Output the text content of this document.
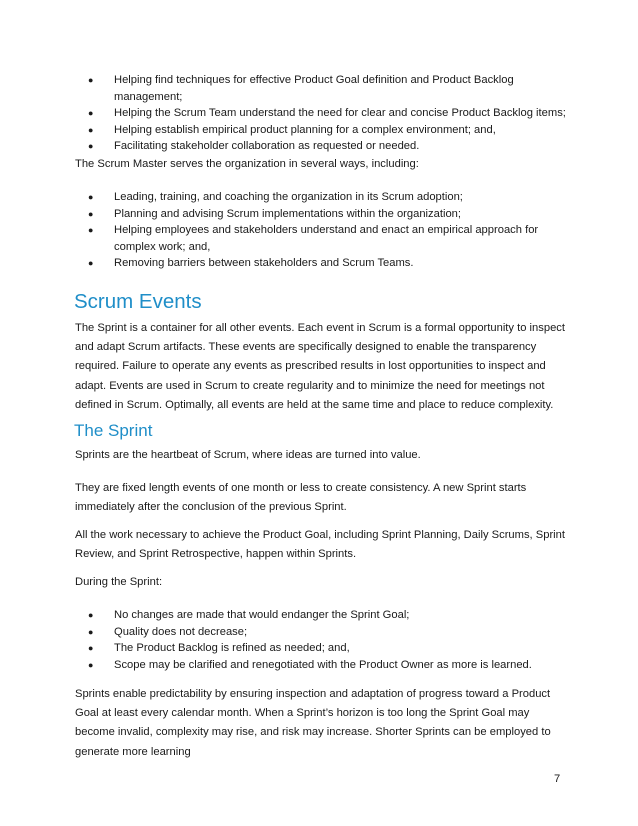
● Helping find techniques for effective Product Goal definition and Product Backlog management;
● Helping the Scrum Team understand the need for clear and concise Product Backlog items;
● Helping establish empirical product planning for a complex environment; and,
● Facilitating stakeholder collaboration as requested or needed.

The Scrum Master serves the organization in several ways, including:

● Leading, training, and coaching the organization in its Scrum adoption;
● Planning and advising Scrum implementations within the organization;
● Helping employees and stakeholders understand and enact an empirical approach for complex work; and,
● Removing barriers between stakeholders and Scrum Teams.
Scrum Events

The Sprint is a container for all other events. Each event in Scrum is a formal opportunity to inspect and adapt Scrum artifacts. These events are specifically designed to enable the transparency required. Failure to operate any events as prescribed results in lost opportunities to inspect and adapt. Events are used in Scrum to create regularity and to minimize the need for meetings not defined in Scrum. Optimally, all events are held at the same time and place to reduce complexity.

The Sprint

Sprints are the heartbeat of Scrum, where ideas are turned into value.

They are fixed length events of one month or less to create consistency. A new Sprint starts immediately after the conclusion of the previous Sprint.

All the work necessary to achieve the Product Goal, including Sprint Planning, Daily Scrums, Sprint Review, and Sprint Retrospective, happen within Sprints.

During the Sprint:

● No changes are made that would endanger the Sprint Goal;
● Quality does not decrease;
● The Product Backlog is refined as needed; and,
● Scope may be clarified and renegotiated with the Product Owner as more is learned.

Sprints enable predictability by ensuring inspection and adaptation of progress toward a Product Goal at least every calendar month. When a Sprint’s horizon is too long the Sprint Goal may become invalid, complexity may rise, and risk may increase. Shorter Sprints can be employed to generate more learning

7
